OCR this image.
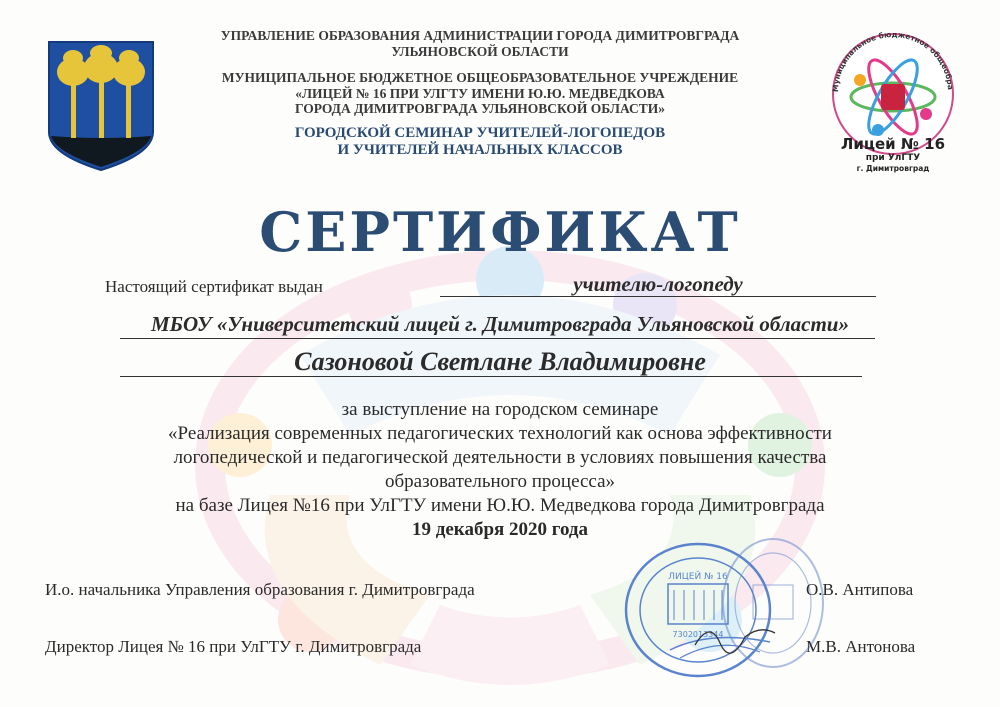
УПРАВЛЕНИЕ ОБРАЗОВАНИЯ АДМИНИСТРАЦИИ ГОРОДА ДИМИТРОВГРАДА
УЛЬЯНОВСКОЙ ОБЛАСТИ
МУНИЦИПАЛЬНОЕ БЮДЖЕТНОЕ ОБЩЕОБРАЗОВАТЕЛЬНОЕ УЧРЕЖДЕНИЕ
«ЛИЦЕЙ № 16 ПРИ УЛГТУ ИМЕНИ Ю.Ю. МЕДВЕДКОВА
ГОРОДА ДИМИТРОВГРАДА УЛЬЯНОВСКОЙ ОБЛАСТИ»
ГОРОДСКОЙ СЕМИНАР УЧИТЕЛЕЙ-ЛОГОПЕДОВ
И УЧИТЕЛЕЙ НАЧАЛЬНЫХ КЛАССОВ
Муниципальное бюджетное общеобра
Лицей № 16
при УлГТУ
г. Димитровград
СЕРТИФИКАТ
Настоящий сертификат выдан	учителю-логопеду
МБОУ «Университетский лицей г. Димитровграда Ульяновской области»
Сазоновой Светлане Владимировне
за выступление на городском семинаре
«Реализация современных педагогических технологий как основа эффективности
логопедической и педагогической деятельности в условиях повышения качества
образовательного процесса»
на базе Лицея №16 при УлГТУ имени Ю.Ю. Медведкова города Димитровграда
19 декабря 2020 года
ЛИЦЕЙ № 16
7302013344
И.о. начальника Управления образования г. Димитровграда	О.В. Антипова
Директор Лицея № 16 при УлГТУ г. Димитровграда	М.В. Антонова
